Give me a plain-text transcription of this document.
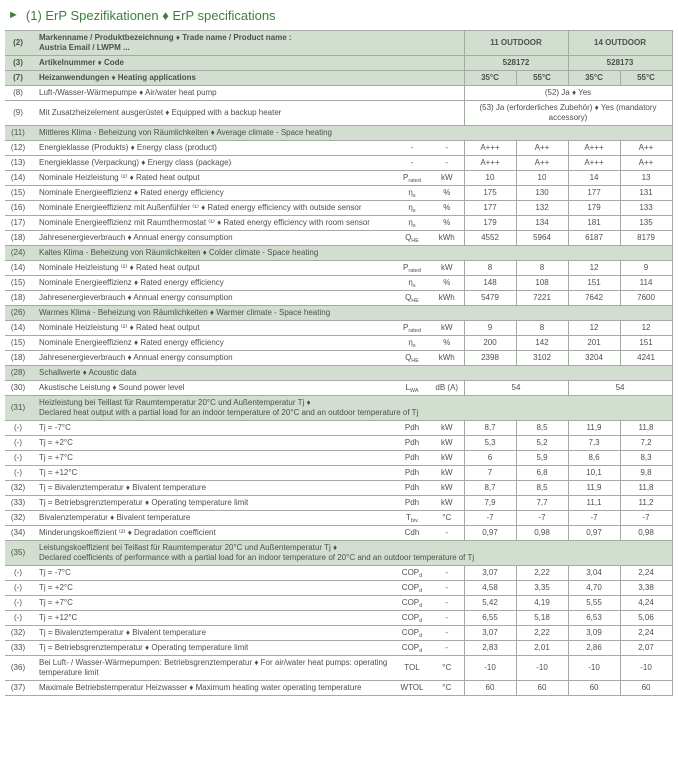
► (1) ErP Spezifikationen ♦ ErP specifications
(2)	Markenname / Produktbezeichnung ♦ Trade name / Product name :
Austria Email / LWPM ...			11 OUTDOOR		14 OUTDOOR	
(3)	Artikelnummer ♦ Code			528172		528173	
(7)	Heizanwendungen ♦ Heating applications			35°C	55°C	35°C	55°C
(8)	Luft-/Wasser-Wärmepumpe ♦ Air/water heat pump			(52) Ja ♦ Yes			
(9)	Mit Zusatzheizelement ausgerüstet ♦ Equipped with a backup heater			(53) Ja (erforderliches Zubehör) ♦ Yes (mandatory accessory)			
(11)	Mittleres Klima - Beheizung von Räumlichkeiten ♦ Average climate - Space heating						
(12)	Energieklasse (Produkts) ♦ Energy class (product)	-	-	A+++	A++	A+++	A++
(13)	Energieklasse (Verpackung) ♦ Energy class (package)	-	-	A+++	A++	A+++	A++
(14)	Nominale Heizleistung ⁽²⁾ ♦ Rated heat output	$P_{rated}$	kW	10	10	14	13
(15)	Nominale Energieeffizienz ♦ Rated energy efficiency	$\eta_s$	%	175	130	177	131
(16)	Nominale Energieeffizienz mit Außenfühler ⁽¹⁾ ♦ Rated energy efficiency with outside sensor	$\eta_s$	%	177	132	179	133
(17)	Nominale Energieeffizienz mit Raumthermostat ⁽¹⁾ ♦ Rated energy efficiency with room sensor	$\eta_s$	%	179	134	181	135
(18)	Jahresenergieverbrauch ♦ Annual energy consumption	$Q_{HE}$	kWh	4552	5964	6187	8179
(24)	Kaltes Klima - Beheizung von Räumlichkeiten ♦ Colder climate - Space heating						
(14)	Nominale Heizleistung ⁽²⁾ ♦ Rated heat output	$P_{rated}$	kW	8	8	12	9
(15)	Nominale Energieeffizienz ♦ Rated energy efficiency	$\eta_s$	%	148	108	151	114
(18)	Jahresenergieverbrauch ♦ Annual energy consumption	$Q_{HE}$	kWh	5479	7221	7642	7600
(26)	Warmes Klima - Beheizung von Räumlichkeiten ♦ Warmer climate - Space heating						
(14)	Nominale Heizleistung ⁽²⁾ ♦ Rated heat output	$P_{rated}$	kW	9	8	12	12
(15)	Nominale Energieeffizienz ♦ Rated energy efficiency	$\eta_s$	%	200	142	201	151
(18)	Jahresenergieverbrauch ♦ Annual energy consumption	$Q_{HE}$	kWh	2398	3102	3204	4241
(28)	Schallwerte ♦ Acoustic data						
(30)	Akustische Leistung ♦ Sound power level	$L_{WA}$	dB (A)	54		54	
(31)	Heizleistung bei Teillast für Raumtemperatur 20°C und Außentemperatur Tj ♦
Declared heat output with a partial load for an indoor temperature of 20°C and an outdoor temperature of Tj						

(-)	Tj = -7°C	Pdh	kW	8,7	8,5	11,9	11,8
(-)	Tj = +2°C	Pdh	kW	5,3	5,2	7,3	7,2
(-)	Tj = +7°C	Pdh	kW	6	5,9	8,6	8,3
(-)	Tj = +12°C	Pdh	kW	7	6,8	10,1	9,8
(32)	Tj = Bivalenztemperatur ♦ Bivalent temperature	Pdh	kW	8,7	8,5	11,9	11,8
(33)	Tj = Betriebsgrenztemperatur ♦ Operating temperature limit	Pdh	kW	7,9	7,7	11,1	11,2
(32)	Bivalenztemperatur ♦ Bivalent temperature	$T_{biv}$	°C	-7	-7	-7	-7
(34)	Minderungskoeffizient ⁽²⁾ ♦ Degradation coefficient	Cdh	-	0,97	0,98	0,97	0,98
(35)	Leistungskoeffizient bei Teillast für Raumtemperatur 20°C und Außentemperatur Tj ♦
Declared coefficients of performance with a partial load for an indoor temperature of 20°C and an outdoor temperature of Tj						

(-)	Tj = -7°C	$COP_d$	-	3,07	2,22	3,04	2,24
(-)	Tj = +2°C	$COP_d$	-	4,58	3,35	4,70	3,38
(-)	Tj = +7°C	$COP_d$	-	5,42	4,19	5,55	4,24
(-)	Tj = +12°C	$COP_d$	-	6,55	5,18	6,53	5,06
(32)	Tj = Bivalenztemperatur ♦ Bivalent temperature	$COP_d$	-	3,07	2,22	3,09	2,24
(33)	Tj = Betriebsgrenztemperatur ♦ Operating temperature limit	$COP_d$	-	2,83	2,01	2,86	2,07
(36)	Bei Luft- / Wasser-Wärmepumpen: Betriebsgrenztemperatur ♦ For air/water heat pumps: operating temperature limit	TOL	°C	-10	-10	-10	-10
(37)	Maximale Betriebstemperatur Heizwasser ♦ Maximum heating water operating temperature	WTOL	°C	60	60	60	60
